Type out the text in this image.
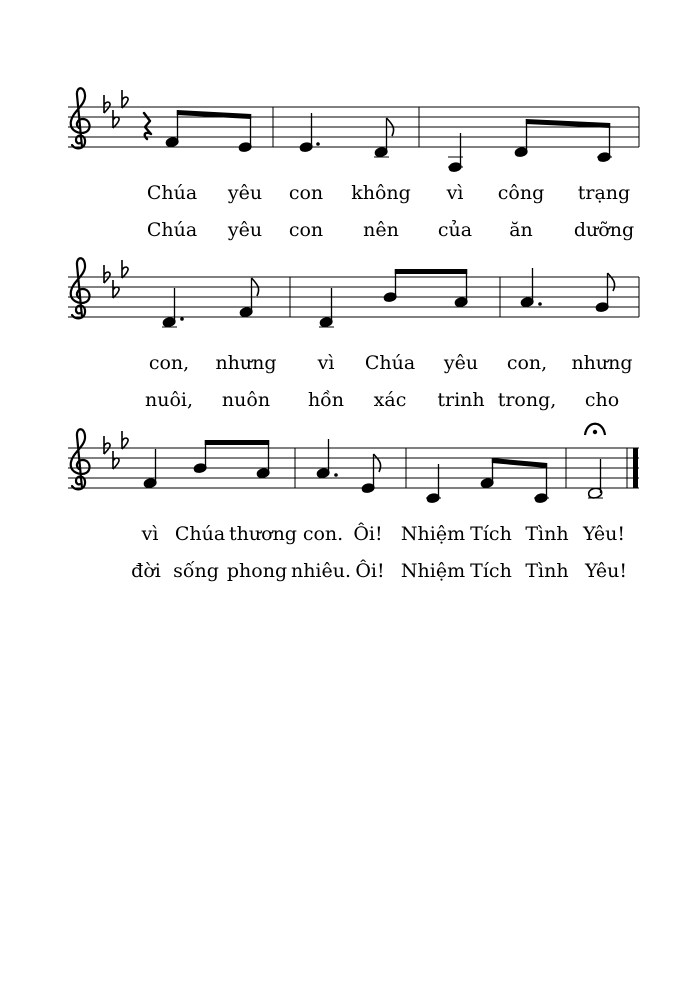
Chúa yêu con không vì công trạng
Chúa yêu con nên của ăn dưỡng
con, nhưng vì Chúa yêu con, nhưng
nuôi, nuôn hồn xác trinh trong, cho
vì Chúa thương con. Ôi! Nhiệm Tích Tình Yêu!
đời sống phong nhiêu. Ôi! Nhiệm Tích Tình Yêu!
